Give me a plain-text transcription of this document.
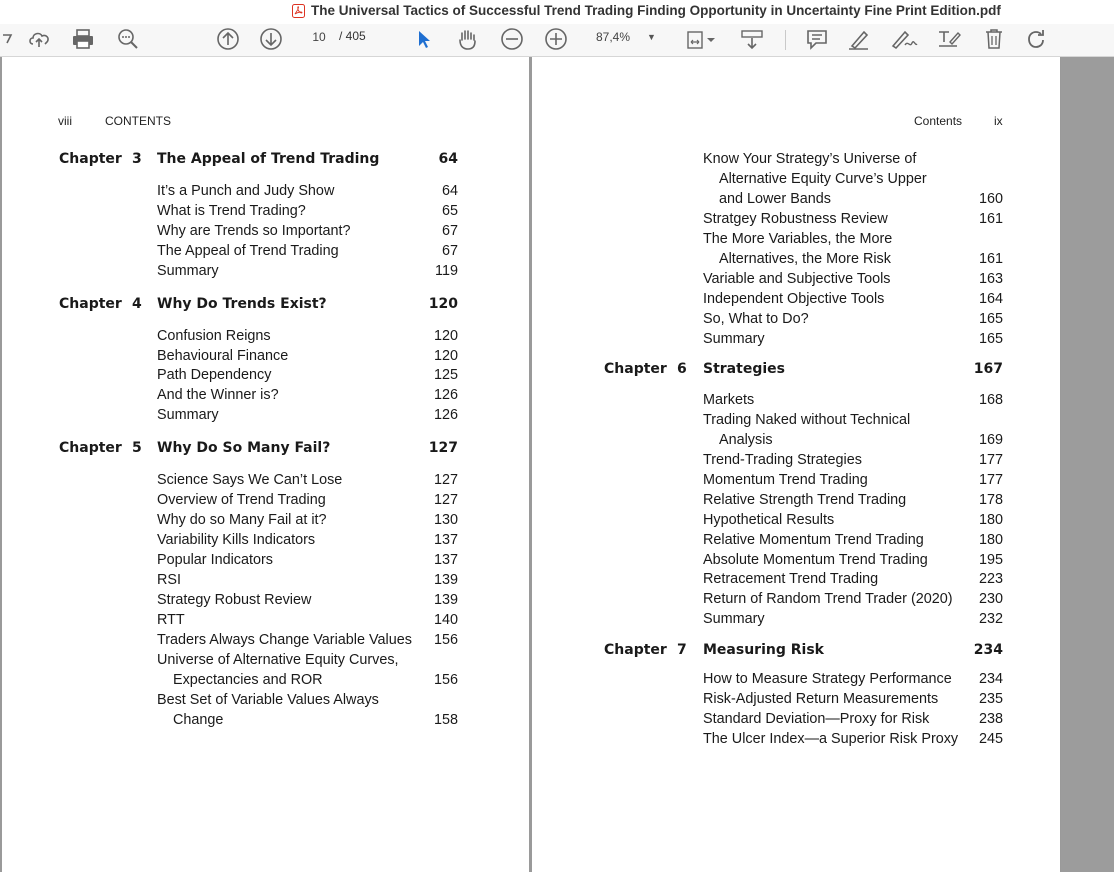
The Universal Tactics of Successful Trend Trading Finding Opportunity in Uncertainty Fine Print Edition.pdf
10	/ 405	87,4% ▼
viii	CONTENTS
Chapter 3 The Appeal of Trend Trading	64
It’s a Punch and Judy Show	64
What is Trend Trading?	65
Why are Trends so Important?	67
The Appeal of Trend Trading	67
Summary	119
Chapter 4 Why Do Trends Exist?	120
Confusion Reigns	120
Behavioural Finance	120
Path Dependency	125
And the Winner is?	126
Summary	126
Chapter 5 Why Do So Many Fail?	127
Science Says We Can’t Lose	127
Overview of Trend Trading	127
Why do so Many Fail at it?	130
Variability Kills Indicators	137
Popular Indicators	137
RSI	139
Strategy Robust Review	139
RTT	140
Traders Always Change Variable Values	156
Universe of Alternative Equity Curves,
Expectancies and ROR	156
Best Set of Variable Values Always
Change	158
Contents	ix
Know Your Strategy’s Universe of
Alternative Equity Curve’s Upper
and Lower Bands	160
Stratgey Robustness Review	161
The More Variables, the More
Alternatives, the More Risk	161
Variable and Subjective Tools	163
Independent Objective Tools	164
So, What to Do?	165
Summary	165
Chapter 6 Strategies	167
Markets	168
Trading Naked without Technical
Analysis	169
Trend-Trading Strategies	177
Momentum Trend Trading	177
Relative Strength Trend Trading	178
Hypothetical Results	180
Relative Momentum Trend Trading	180
Absolute Momentum Trend Trading	195
Retracement Trend Trading	223
Return of Random Trend Trader (2020)	230
Summary	232
Chapter 7 Measuring Risk	234
How to Measure Strategy Performance	234
Risk-Adjusted Return Measurements	235
Standard Deviation—Proxy for Risk	238
The Ulcer Index—a Superior Risk Proxy	245
